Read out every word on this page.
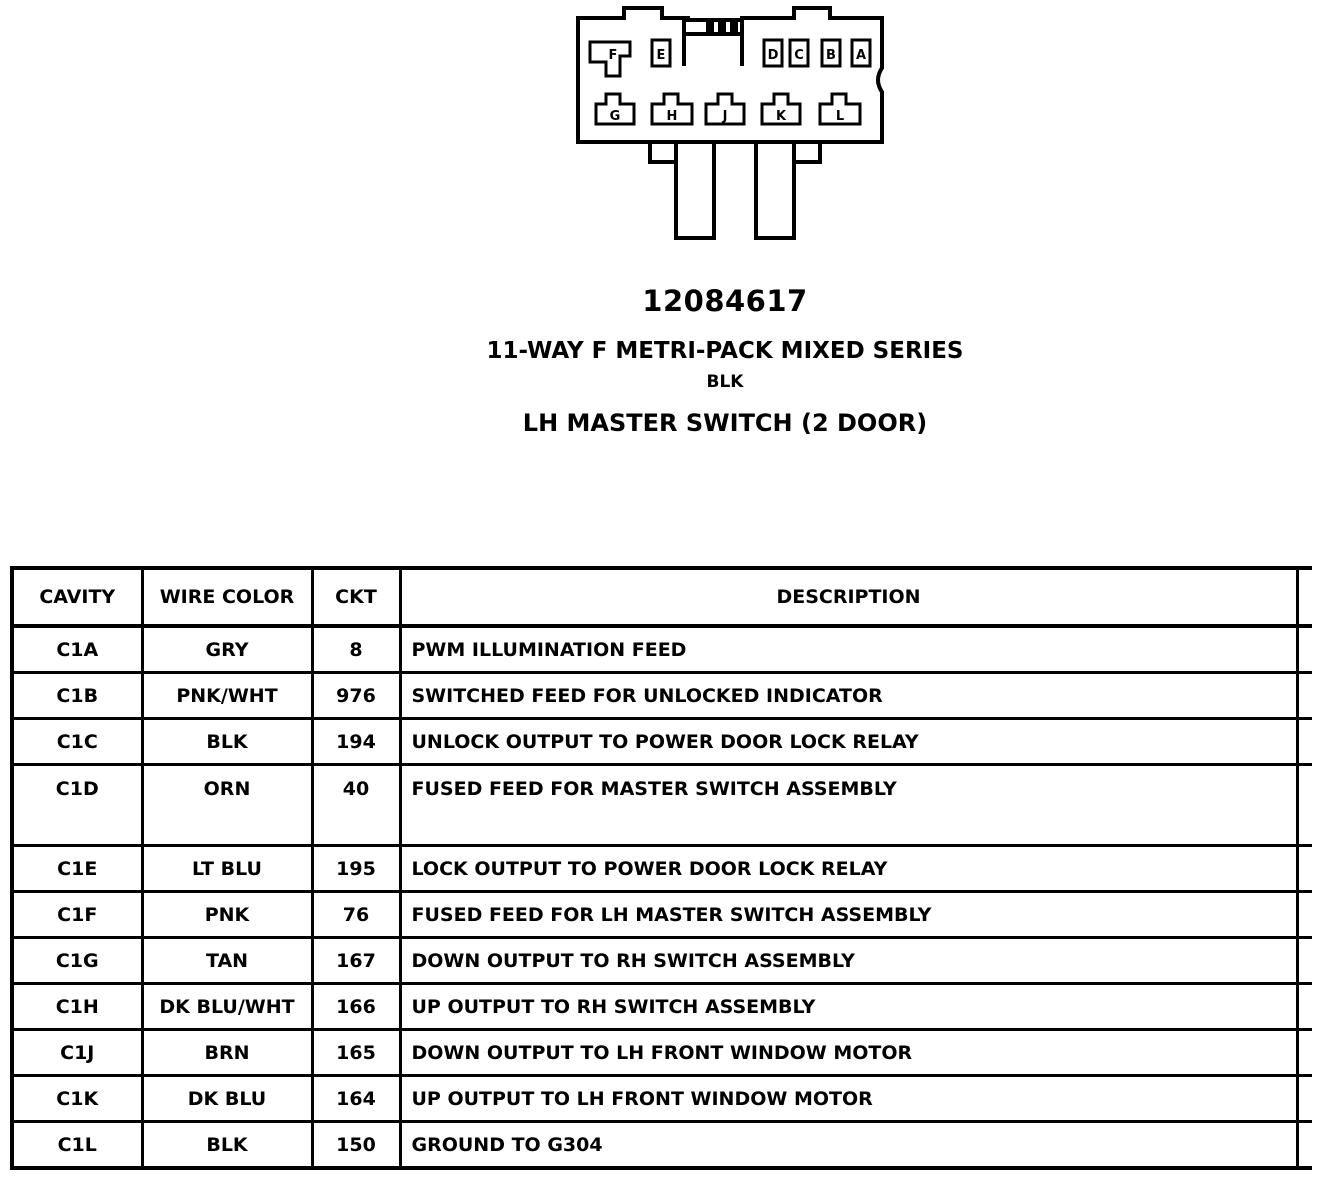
F	E	D C B A
G	H	J	K	L
12084617
11-WAY F METRI-PACK MIXED SERIES
BLK
LH MASTER SWITCH (2 DOOR)
CAVITY	WIRE COLOR	CKT	DESCRIPTION	
C1A	GRY	8	PWM ILLUMINATION FEED	
C1B	PNK/WHT	976	SWITCHED FEED FOR UNLOCKED INDICATOR	
C1C	BLK	194	UNLOCK OUTPUT TO POWER DOOR LOCK RELAY	
C1D	ORN	40	FUSED FEED FOR MASTER SWITCH ASSEMBLY	
C1E	LT BLU	195	LOCK OUTPUT TO POWER DOOR LOCK RELAY	
C1F	PNK	76	FUSED FEED FOR LH MASTER SWITCH ASSEMBLY	
C1G	TAN	167	DOWN OUTPUT TO RH SWITCH ASSEMBLY	
C1H	DK BLU/WHT	166	UP OUTPUT TO RH SWITCH ASSEMBLY	
C1J	BRN	165	DOWN OUTPUT TO LH FRONT WINDOW MOTOR	
C1K	DK BLU	164	UP OUTPUT TO LH FRONT WINDOW MOTOR	
C1L	BLK	150	GROUND TO G304	
